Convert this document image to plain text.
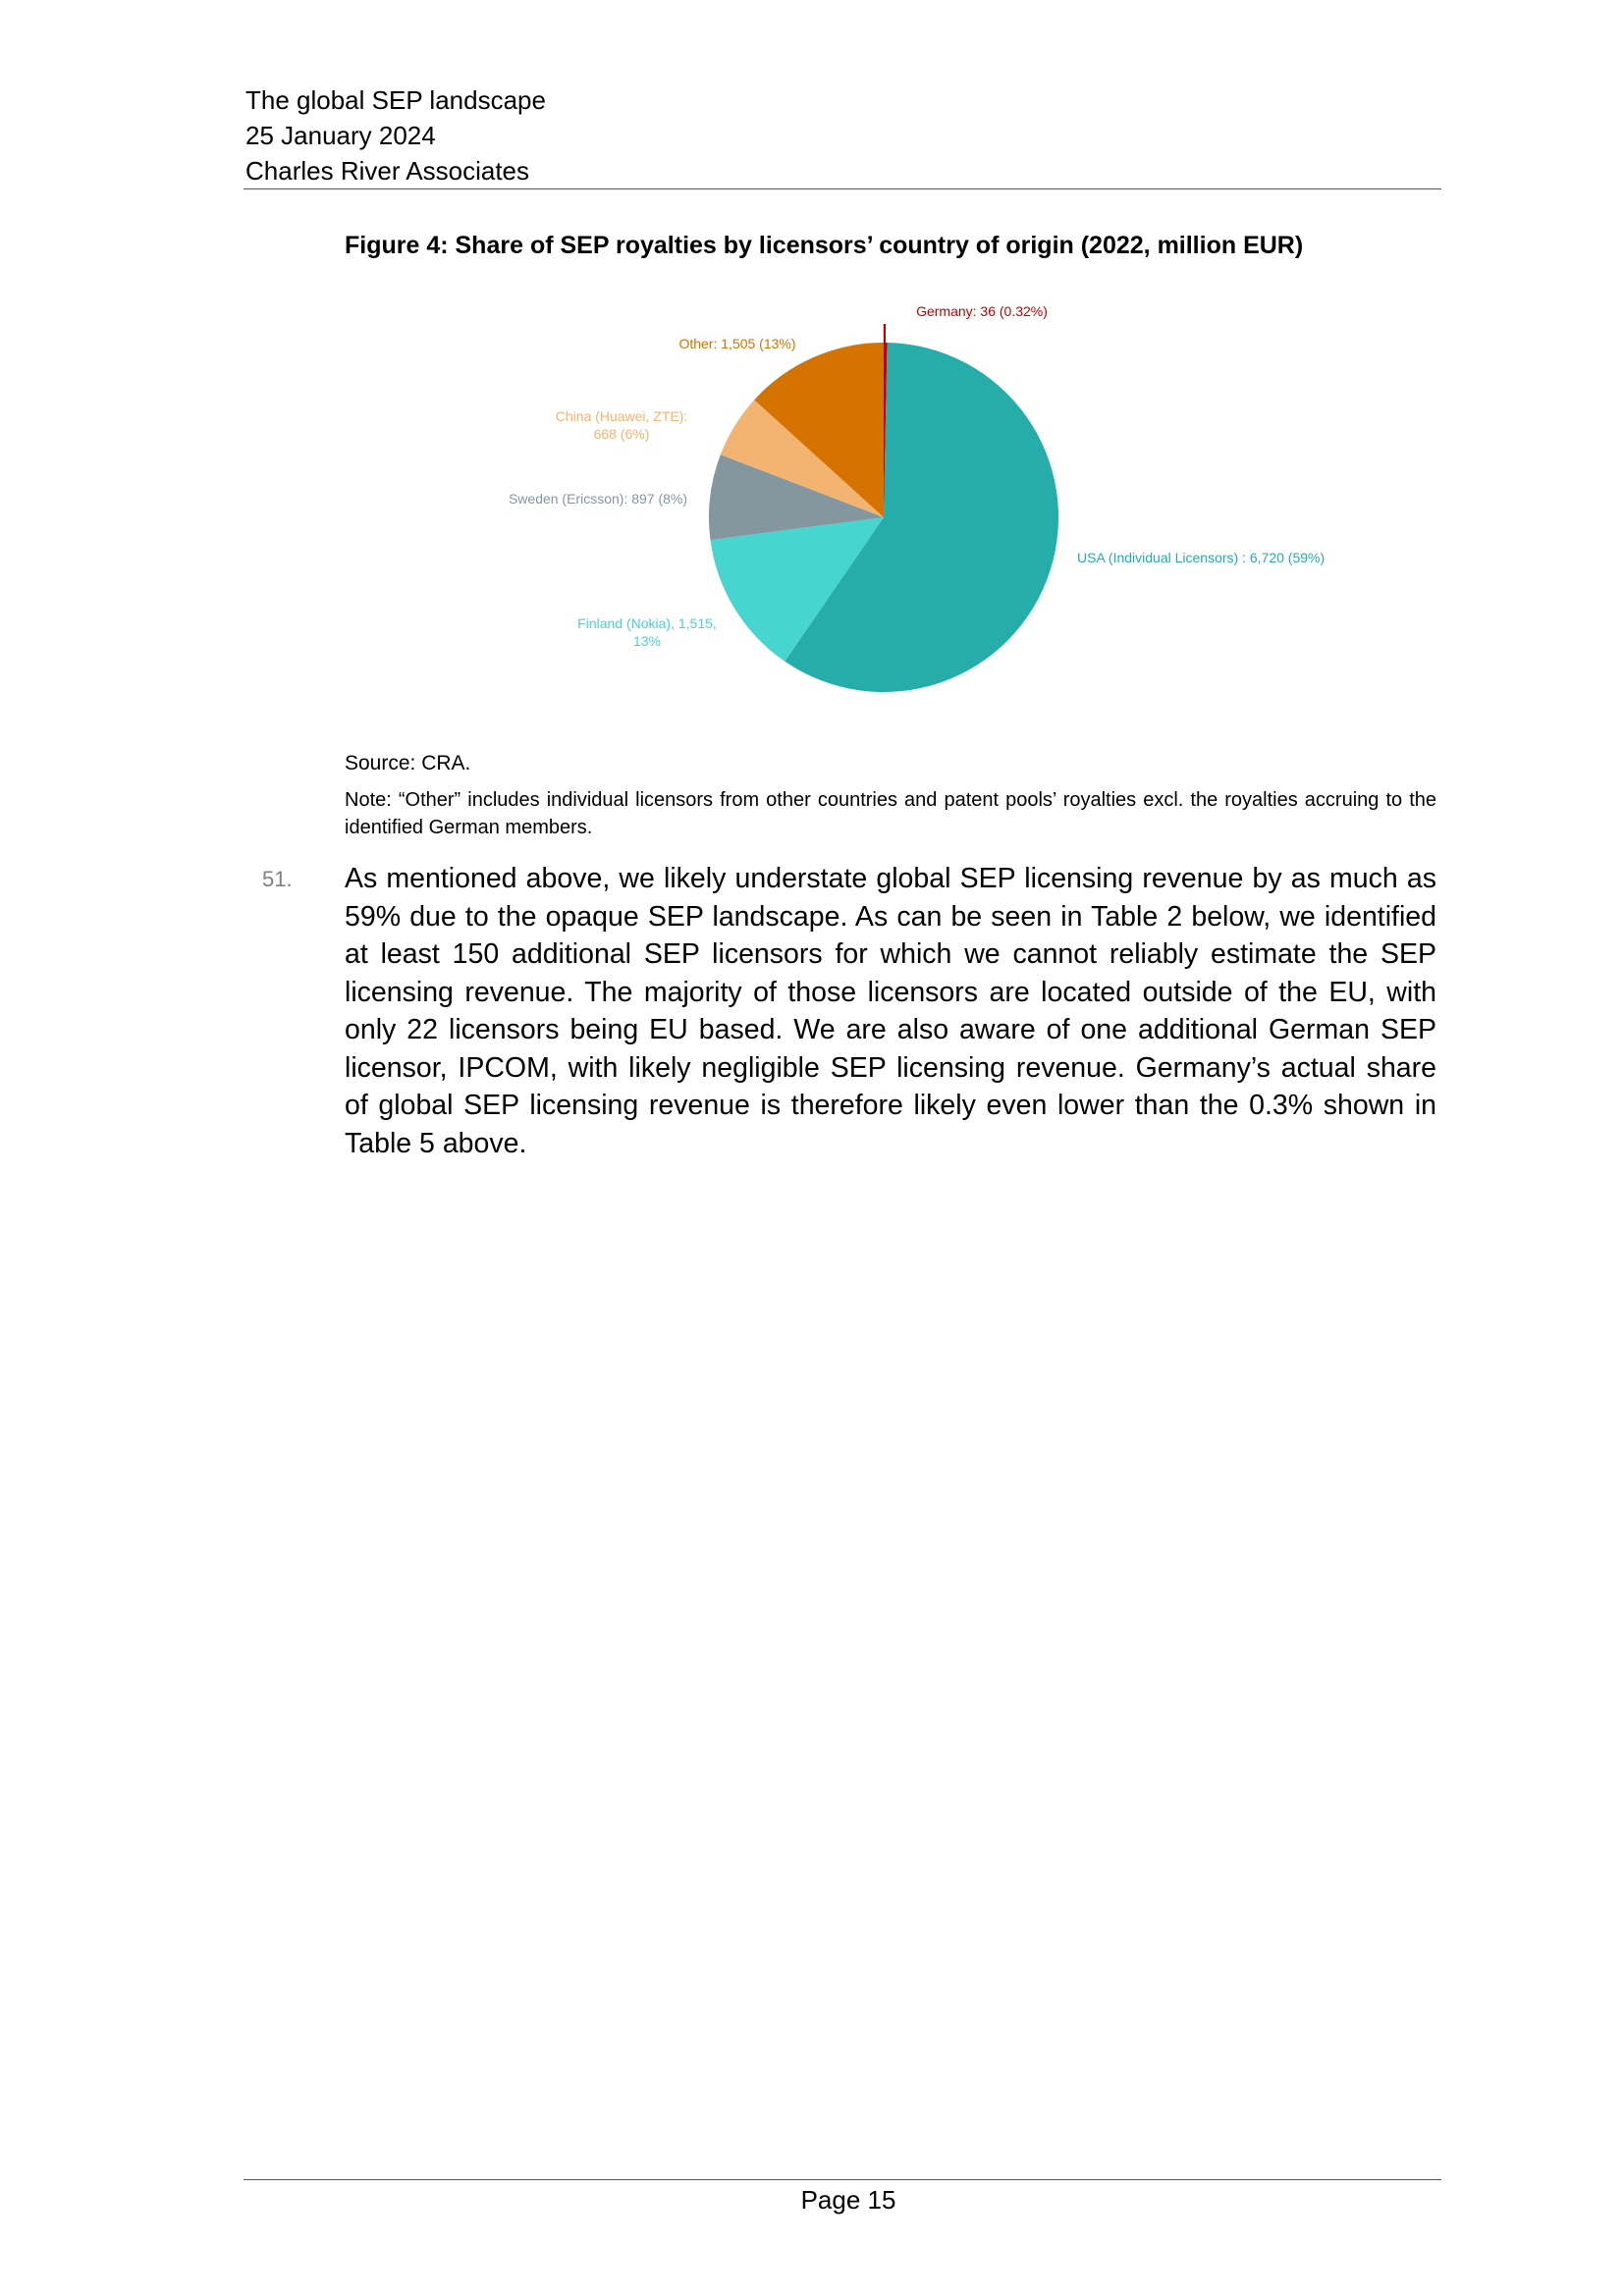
The global SEP landscape
25 January 2024
Charles River Associates
Figure 4: Share of SEP royalties by licensors’ country of origin (2022, million EUR)
Germany: 36 (0.32%)
USA (Individual Licensors) : 6,720 (59%)
Finland (Nokia), 1,515, 13%
Sweden (Ericsson): 897 (8%)
China (Huawei, ZTE): 668 (6%)
Other: 1,505 (13%)
Source: CRA.
Note: “Other” includes individual licensors from other countries and patent pools’ royalties excl. the royalties accruing to the identified German members.
51. As mentioned above, we likely understate global SEP licensing revenue by as much as 59% due to the opaque SEP landscape. As can be seen in Table 2 below, we identified at least 150 additional SEP licensors for which we cannot reliably estimate the SEP licensing revenue. The majority of those licensors are located outside of the EU, with only 22 licensors being EU based. We are also aware of one additional German SEP licensor, IPCOM, with likely negligible SEP licensing revenue. Germany’s actual share of global SEP licensing revenue is therefore likely even lower than the 0.3% shown in Table 5 above.
Page 15
